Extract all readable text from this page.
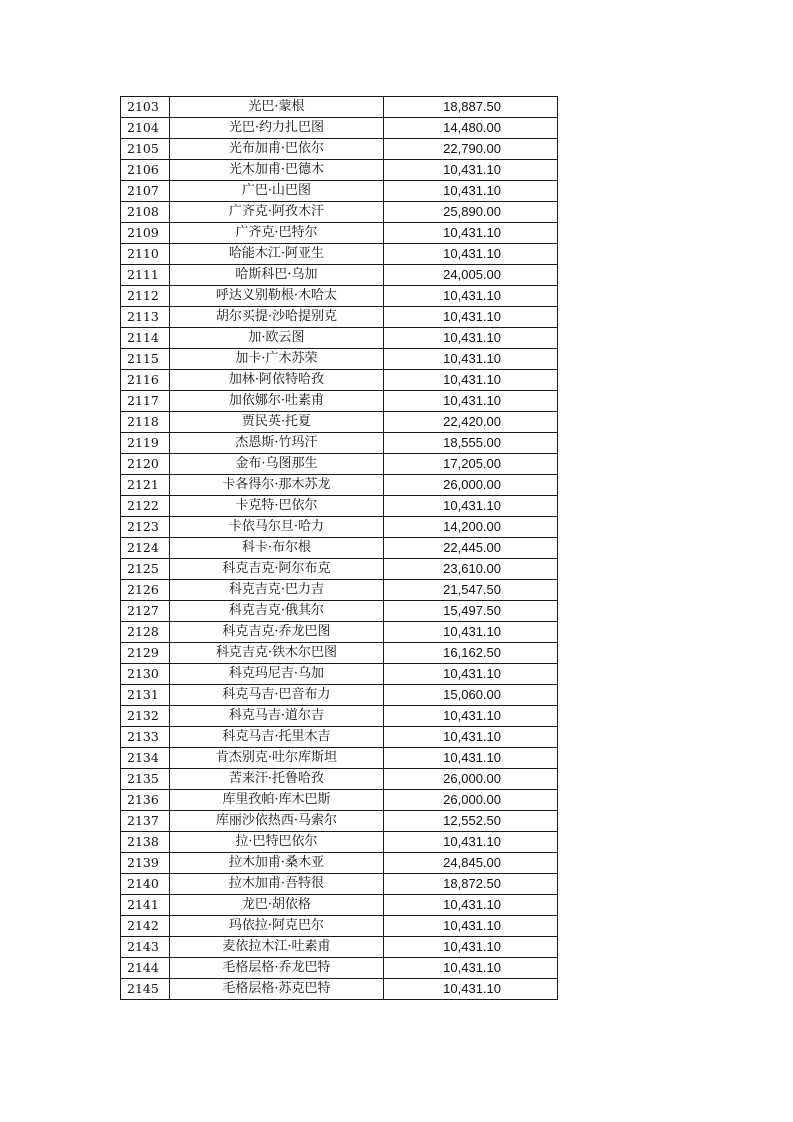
2103	光巴·蒙根	18,887.50
2104	光巴·约力扎巴图	14,480.00
2105	光布加甫·巴依尔	22,790.00
2106	光木加甫·巴德木	10,431.10
2107	广巴·山巴图	10,431.10
2108	广齐克·阿孜木汗	25,890.00
2109	广齐克·巴特尔	10,431.10
2110	哈能木江·阿亚生	10,431.10
2111	哈斯科巴·乌加	24,005.00
2112	呼达义别勒根·木哈太	10,431.10
2113	胡尔买提·沙哈提别克	10,431.10
2114	加·欧云图	10,431.10
2115	加卡·广木苏荣	10,431.10
2116	加林·阿依特哈孜	10,431.10
2117	加依娜尔·吐素甫	10,431.10
2118	贾民英·托夏	22,420.00
2119	杰恩斯·竹玛汗	18,555.00
2120	金布·乌图那生	17,205.00
2121	卡各得尔·那木苏龙	26,000.00
2122	卡克特·巴依尔	10,431.10
2123	卡依马尔旦·哈力	14,200.00
2124	科卡·布尔根	22,445.00
2125	科克吉克·阿尔布克	23,610.00
2126	科克吉克·巴力吉	21,547.50
2127	科克吉克·俄其尔	15,497.50
2128	科克吉克·乔龙巴图	10,431.10
2129	科克吉克·铁木尔巴图	16,162.50
2130	科克玛尼吉·乌加	10,431.10
2131	科克马吉·巴音布力	15,060.00
2132	科克马吉·道尔吉	10,431.10
2133	科克马吉·托里木吉	10,431.10
2134	肯杰别克·吐尔库斯坦	10,431.10
2135	苦来汗·托鲁哈孜	26,000.00
2136	库里孜帕·库木巴斯	26,000.00
2137	库丽沙依热西·马索尔	12,552.50
2138	拉·巴特巴依尔	10,431.10
2139	拉木加甫·桑木亚	24,845.00
2140	拉木加甫·吾特很	18,872.50
2141	龙巴·胡依格	10,431.10
2142	玛依拉·阿克巴尔	10,431.10
2143	麦依拉木江·吐素甫	10,431.10
2144	毛格层格·乔龙巴特	10,431.10
2145	毛格层格·苏克巴特	10,431.10
